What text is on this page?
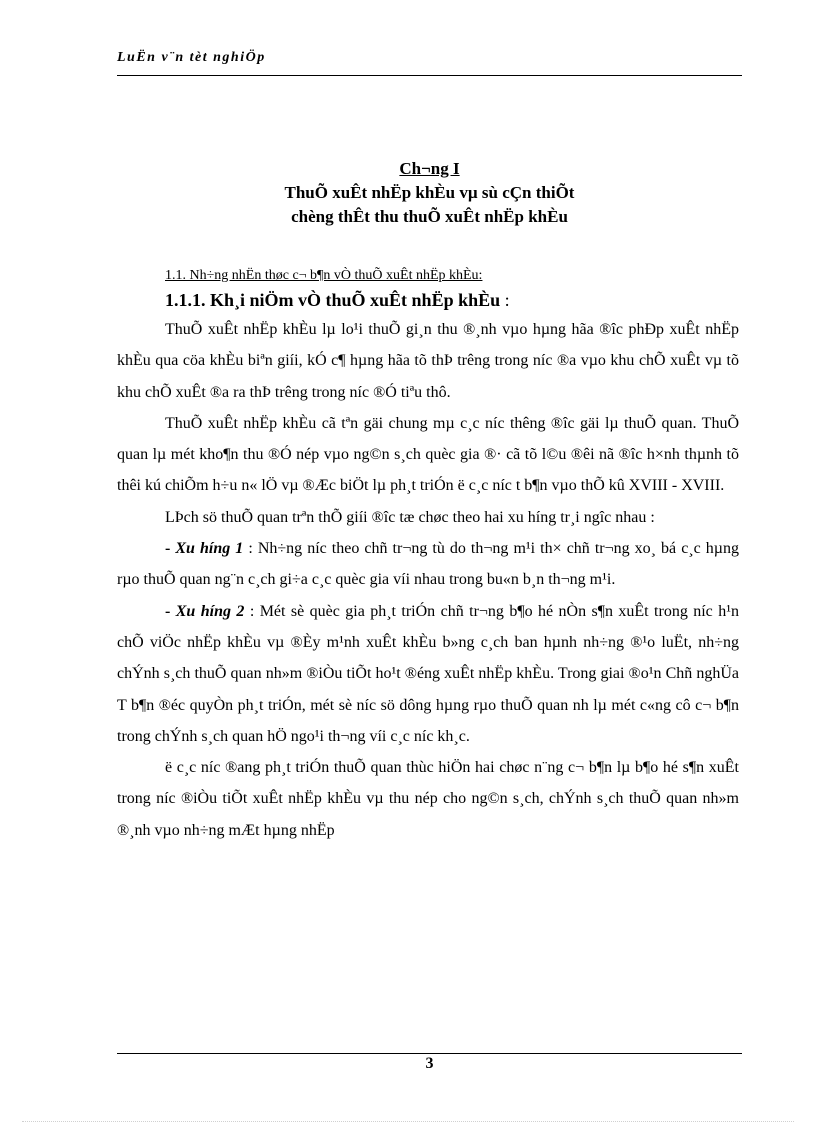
LuËn v¨n tèt nghiÖp
Ch¬ng I
ThuÕ xuÊt nhËp khÈu vµ sù cÇn thiÕt
chèng thÊt thu thuÕ xuÊt nhËp khÈu

1.1. Nh÷ng nhËn thøc c¬ b¶n vÒ thuÕ xuÊt nhËp khÈu:

1.1.1. Kh¸i niÖm vÒ thuÕ xuÊt nhËp khÈu :

ThuÕ xuÊt nhËp khÈu lµ lo¹i thuÕ gi¸n thu ®¸nh vµo hµng hãa ®îc phÐp xuÊt nhËp khÈu qua cöa khÈu biªn giíi, kÓ c¶ hµng hãa tõ thÞ trêng trong níc ®a vµo khu chÕ xuÊt vµ tõ khu chÕ xuÊt ®a ra thÞ trêng trong níc ®Ó tiªu thô.

ThuÕ xuÊt nhËp khÈu cã tªn gäi chung mµ c¸c níc thêng ®îc gäi lµ thuÕ quan. ThuÕ quan lµ mét kho¶n thu ®Ó nép vµo ng©n s¸ch quèc gia ®· cã tõ l©u ®êi nã ®îc h×nh thµnh tõ thêi kú chiÕm h÷u n« lÖ vµ ®Æc biÖt lµ ph¸t triÓn ë c¸c níc t b¶n vµo thÕ kû XVIII - XVIII.

LÞch sö thuÕ quan trªn thÕ giíi ®îc tæ chøc theo hai xu híng tr¸i ngîc nhau :

- Xu híng 1 : Nh÷ng níc theo chñ tr¬ng tù do th¬ng m¹i th× chñ tr¬ng xo¸ bá c¸c hµng rµo thuÕ quan ng¨n c¸ch gi÷a c¸c quèc gia víi nhau trong bu«n b¸n th¬ng m¹i.

- Xu híng 2 : Mét sè quèc gia ph¸t triÓn chñ tr¬ng b¶o hé nÒn s¶n xuÊt trong níc h¹n chÕ viÖc nhËp khÈu vµ ®Èy m¹nh xuÊt khÈu b»ng c¸ch ban hµnh nh÷ng ®¹o luËt, nh÷ng chÝnh s¸ch thuÕ quan nh»m ®iÒu tiÕt ho¹t ®éng xuÊt nhËp khÈu. Trong giai ®o¹n Chñ nghÜa T b¶n ®éc quyÒn ph¸t triÓn, mét sè níc sö dông hµng rµo thuÕ quan nh lµ mét c«ng cô c¬ b¶n trong chÝnh s¸ch quan hÖ ngo¹i th¬ng víi c¸c níc kh¸c.

ë c¸c níc ®ang ph¸t triÓn thuÕ quan thùc hiÖn hai chøc n¨ng c¬ b¶n lµ b¶o hé s¶n xuÊt trong níc ®iÒu tiÕt xuÊt nhËp khÈu vµ thu nép cho ng©n s¸ch, chÝnh s¸ch thuÕ quan nh»m ®¸nh vµo nh÷ng mÆt hµng nhËp

3
